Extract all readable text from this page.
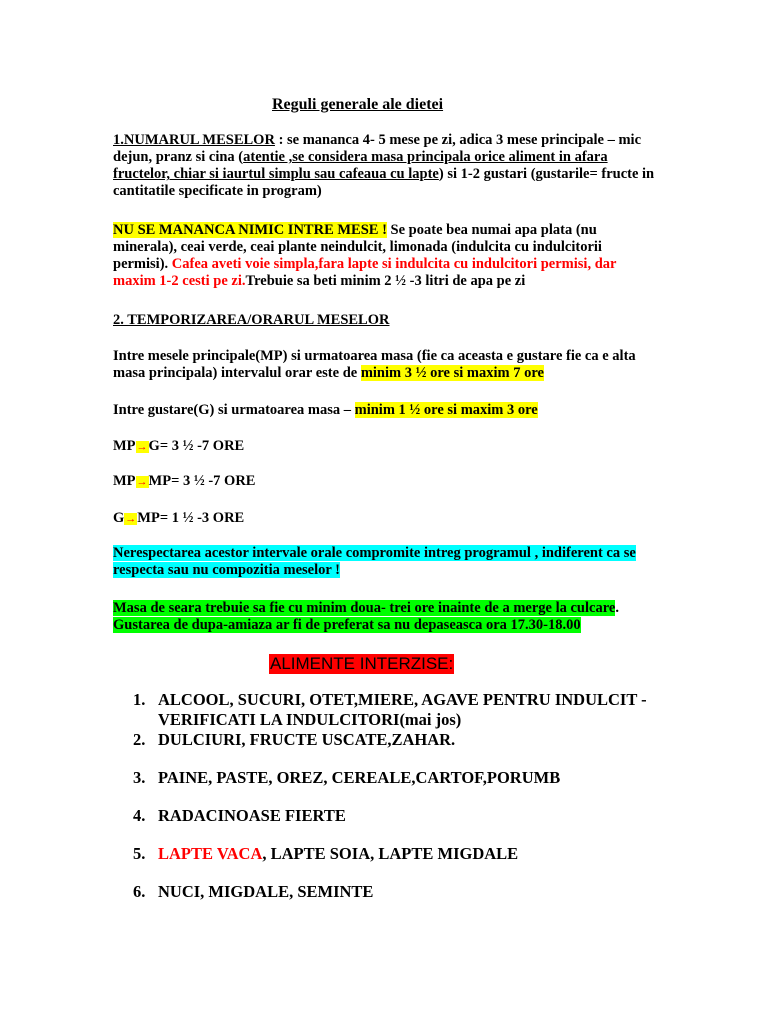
Reguli generale ale dietei
1.NUMARUL MESELOR : se mananca 4- 5 mese pe zi, adica 3 mese principale – mic dejun, pranz si cina (atentie ,se considera masa principala orice aliment in afara fructelor, chiar si iaurtul simplu sau cafeaua cu lapte) si 1-2 gustari (gustarile= fructe in cantitatile specificate in program)
NU SE MANANCA NIMIC INTRE MESE ! Se poate bea numai apa plata (nu minerala), ceai verde, ceai plante neindulcit, limonada (indulcita cu indulcitorii permisi). Cafea aveti voie simpla,fara lapte si indulcita cu indulcitori permisi, dar maxim 1-2 cesti pe zi.Trebuie sa beti minim 2 ½ -3 litri de apa pe zi
2. TEMPORIZAREA/ORARUL MESELOR
Intre mesele principale(MP) si urmatoarea masa (fie ca aceasta e gustare fie ca e alta masa principala) intervalul orar este de minim 3 ½ ore si maxim 7 ore
Intre gustare(G) si urmatoarea masa – minim 1 ½ ore si maxim 3 ore
MP→G= 3 ½ -7 ORE
MP→MP= 3 ½ -7 ORE
G→MP= 1 ½ -3 ORE
Nerespectarea acestor intervale orale compromite intreg programul , indiferent ca se respecta sau nu compozitia meselor !
Masa de seara trebuie sa fie cu minim doua- trei ore inainte de a merge la culcare.
Gustarea de dupa-amiaza ar fi de preferat sa nu depaseasca ora 17.30-18.00
ALIMENTE INTERZISE:
1. ALCOOL, SUCURI, OTET,MIERE, AGAVE PENTRU INDULCIT -VERIFICATI LA INDULCITORI(mai jos)
2. DULCIURI, FRUCTE USCATE,ZAHAR.
3. PAINE, PASTE, OREZ, CEREALE,CARTOF,PORUMB
4. RADACINOASE FIERTE
5. LAPTE VACA, LAPTE SOIA, LAPTE MIGDALE
6. NUCI, MIGDALE, SEMINTE
